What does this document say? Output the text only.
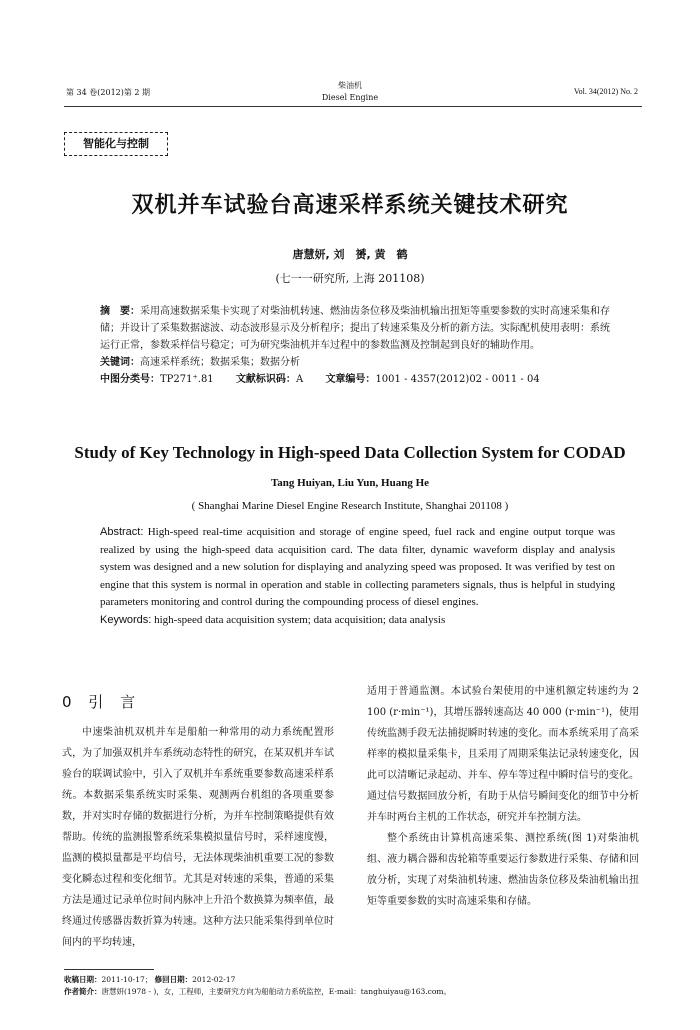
第 34 卷(2012)第 2 期
柴油机
Diesel Engine
Vol. 34(2012) No. 2
智能化与控制
双机并车试验台高速采样系统关键技术研究
唐慧妍, 刘　赟, 黄　鹤
(七一一研究所, 上海 201108)

摘　要：采用高速数据采集卡实现了对柴油机转速、燃油齿条位移及柴油机输出扭矩等重要参数的实时高速采集和存储；并设计了采集数据滤波、动态波形显示及分析程序；提出了转速采集及分析的新方法。实际配机使用表明：系统运行正常，参数采样信号稳定；可为研究柴油机并车过程中的参数监测及控制起到良好的辅助作用。

关键词：高速采样系统；数据采集；数据分析

中图分类号：TP271⁺.81 文献标识码：A 文章编号：1001 - 4357(2012)02 - 0011 - 04

Study of Key Technology in High-speed Data Collection System for CODAD
Tang Huiyan, Liu Yun, Huang He
( Shanghai Marine Diesel Engine Research Institute, Shanghai 201108 )

Abstract: High-speed real-time acquisition and storage of engine speed, fuel rack and engine output torque was realized by using the high-speed data acquisition card. The data filter, dynamic waveform display and analysis system was designed and a new solution for displaying and analyzing speed was proposed. It was verified by test on engine that this system is normal in operation and stable in collecting parameters signals, thus is helpful in studying parameters monitoring and control during the compounding process of diesel engines.

Keywords: high-speed data acquisition system; data acquisition; data analysis

0 引 言

中速柴油机双机并车是船舶一种常用的动力系统配置形式，为了加强双机并车系统动态特性的研究，在某双机并车试验台的联调试验中，引入了双机并车系统重要参数高速采样系统。本数据采集系统实时采集、观测两台机组的各项重要参数，并对实时存储的数据进行分析，为并车控制策略提供有效帮助。传统的监测报警系统采集模拟量信号时，采样速度慢，监测的模拟量都是平均信号，无法体现柴油机重要工况的参数变化瞬态过程和变化细节。尤其是对转速的采集，普通的采集方法是通过记录单位时间内脉冲上升沿个数换算为频率值，最终通过传感器齿数折算为转速。这种方法只能采集得到单位时间内的平均转速，

适用于普通监测。本试验台架使用的中速机额定转速约为 2 100 (r·min⁻¹)，其增压器转速高达 40 000 (r·min⁻¹)，使用传统监测手段无法捕捉瞬时转速的变化。而本系统采用了高采样率的模拟量采集卡，且采用了周期采集法记录转速变化，因此可以清晰记录起动、并车、停车等过程中瞬时信号的变化。通过信号数据回放分析，有助于从信号瞬间变化的细节中分析并车时两台主机的工作状态，研究并车控制方法。

整个系统由计算机高速采集、测控系统(图 1)对柴油机组、液力耦合器和齿轮箱等重要运行参数进行采集、存储和回放分析，实现了对柴油机转速、燃油齿条位移及柴油机输出扭矩等重要参数的实时高速采集和存储。

收稿日期：2011-10-17； 修回日期：2012-02-17
作者简介：唐慧妍(1978 - )，女，工程师，主要研究方向为船舶动力系统监控，E-mail：tanghuiyau@163.com。
